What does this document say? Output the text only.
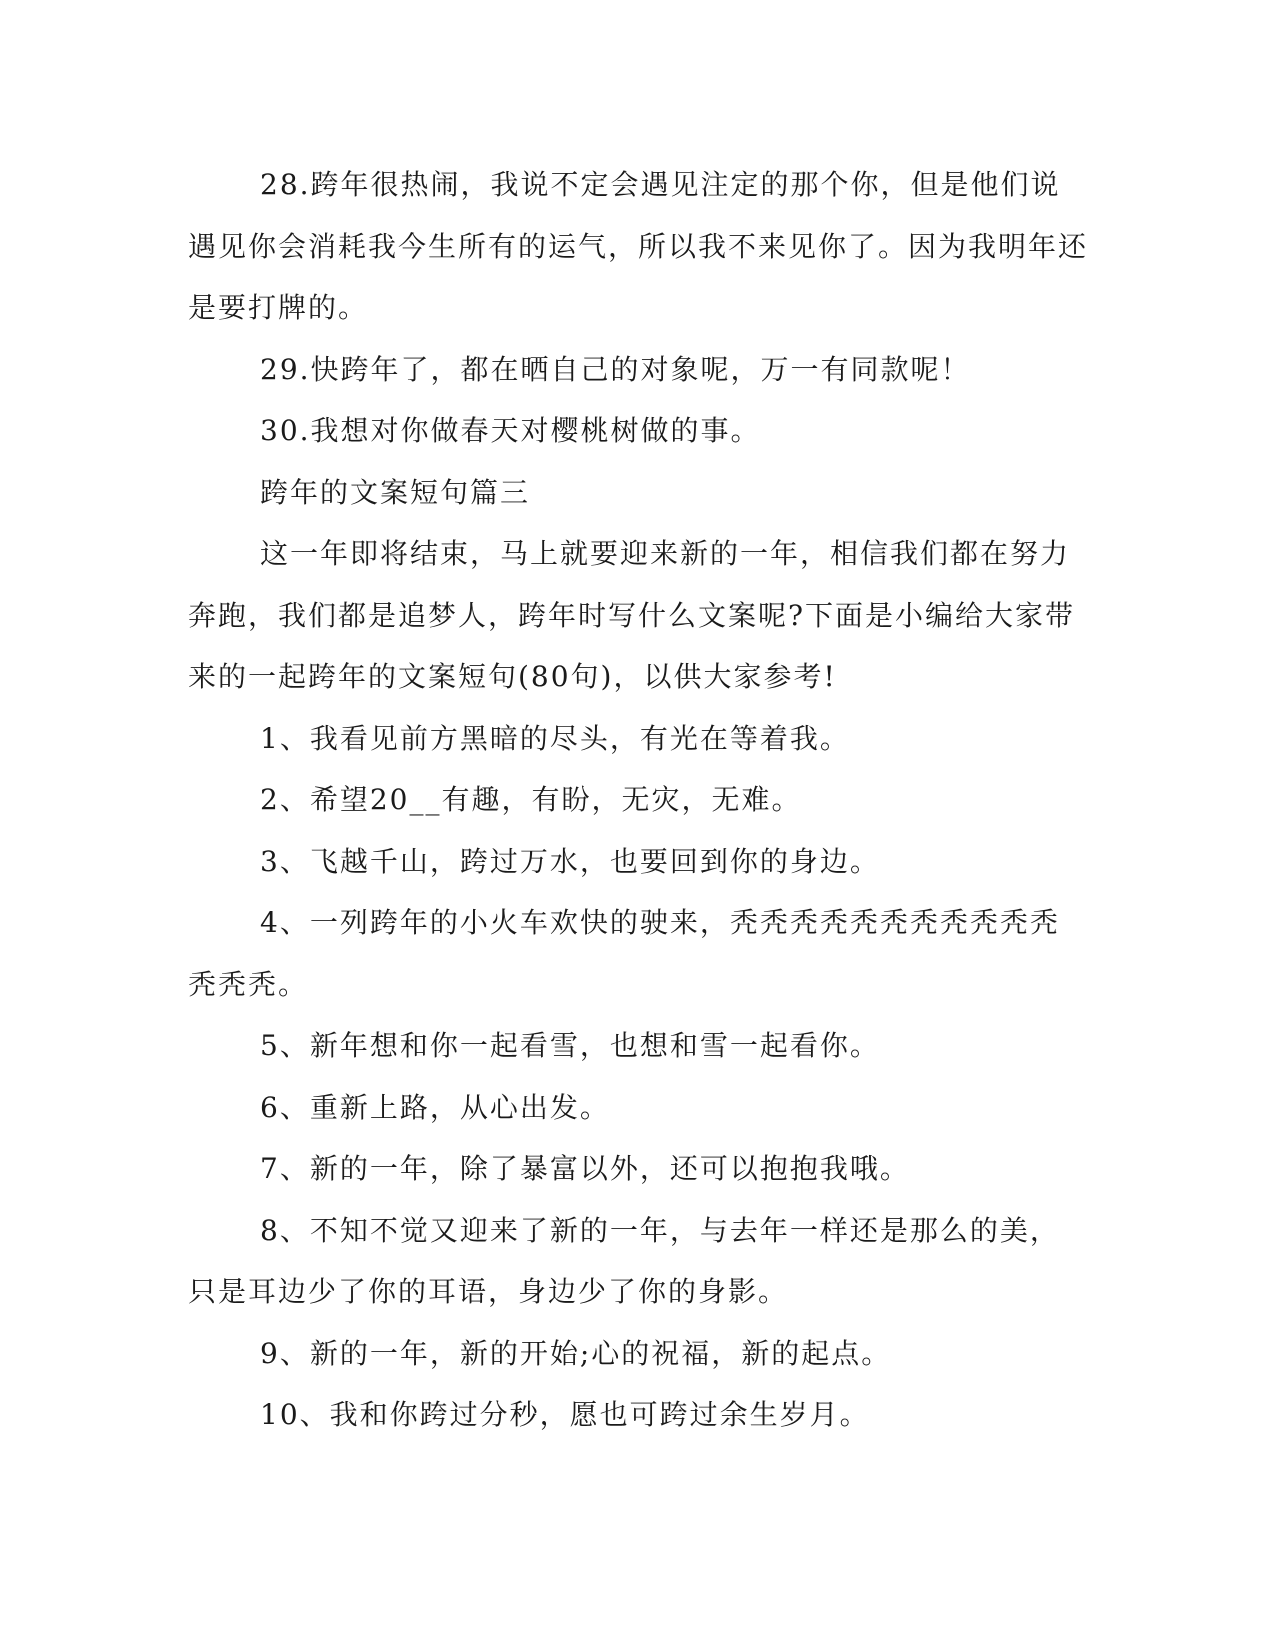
28.跨年很热闹，我说不定会遇见注定的那个你，但是他们说遇见你会消耗我今生所有的运气，所以我不来见你了。因为我明年还是要打牌的。

29.快跨年了，都在晒自己的对象呢，万一有同款呢！

30.我想对你做春天对樱桃树做的事。

跨年的文案短句篇三

这一年即将结束，马上就要迎来新的一年，相信我们都在努力奔跑，我们都是追梦人，跨年时写什么文案呢?下面是小编给大家带来的一起跨年的文案短句(80句)，以供大家参考!

1、我看见前方黑暗的尽头，有光在等着我。

2、希望20__有趣，有盼，无灾，无难。

3、飞越千山，跨过万水，也要回到你的身边。

4、一列跨年的小火车欢快的驶来，秃秃秃秃秃秃秃秃秃秃秃秃秃秃。

5、新年想和你一起看雪，也想和雪一起看你。

6、重新上路，从心出发。

7、新的一年，除了暴富以外，还可以抱抱我哦。

8、不知不觉又迎来了新的一年，与去年一样还是那么的美，只是耳边少了你的耳语，身边少了你的身影。

9、新的一年，新的开始;心的祝福，新的起点。

10、我和你跨过分秒，愿也可跨过余生岁月。
